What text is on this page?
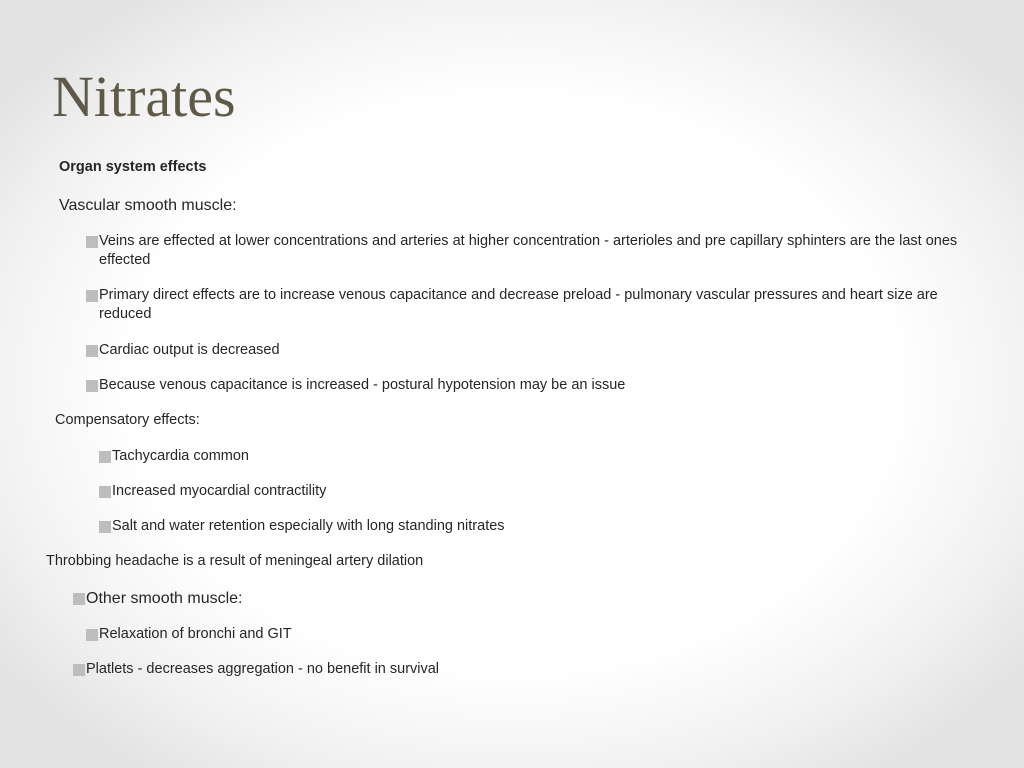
Nitrates
Organ system effects
Vascular smooth muscle:
Veins are effected at lower concentrations and arteries at higher concentration - arterioles and pre capillary sphinters are the last ones effected
Primary direct effects are to increase venous capacitance and decrease preload - pulmonary vascular pressures and heart size are reduced
Cardiac output is decreased
Because venous capacitance is increased - postural hypotension may be an issue
Compensatory effects:
Tachycardia common
Increased myocardial contractility
Salt and water retention especially with long standing nitrates
Throbbing headache is a result of meningeal artery dilation
Other smooth muscle:
Relaxation of bronchi and GIT
Platlets - decreases aggregation - no benefit in survival
